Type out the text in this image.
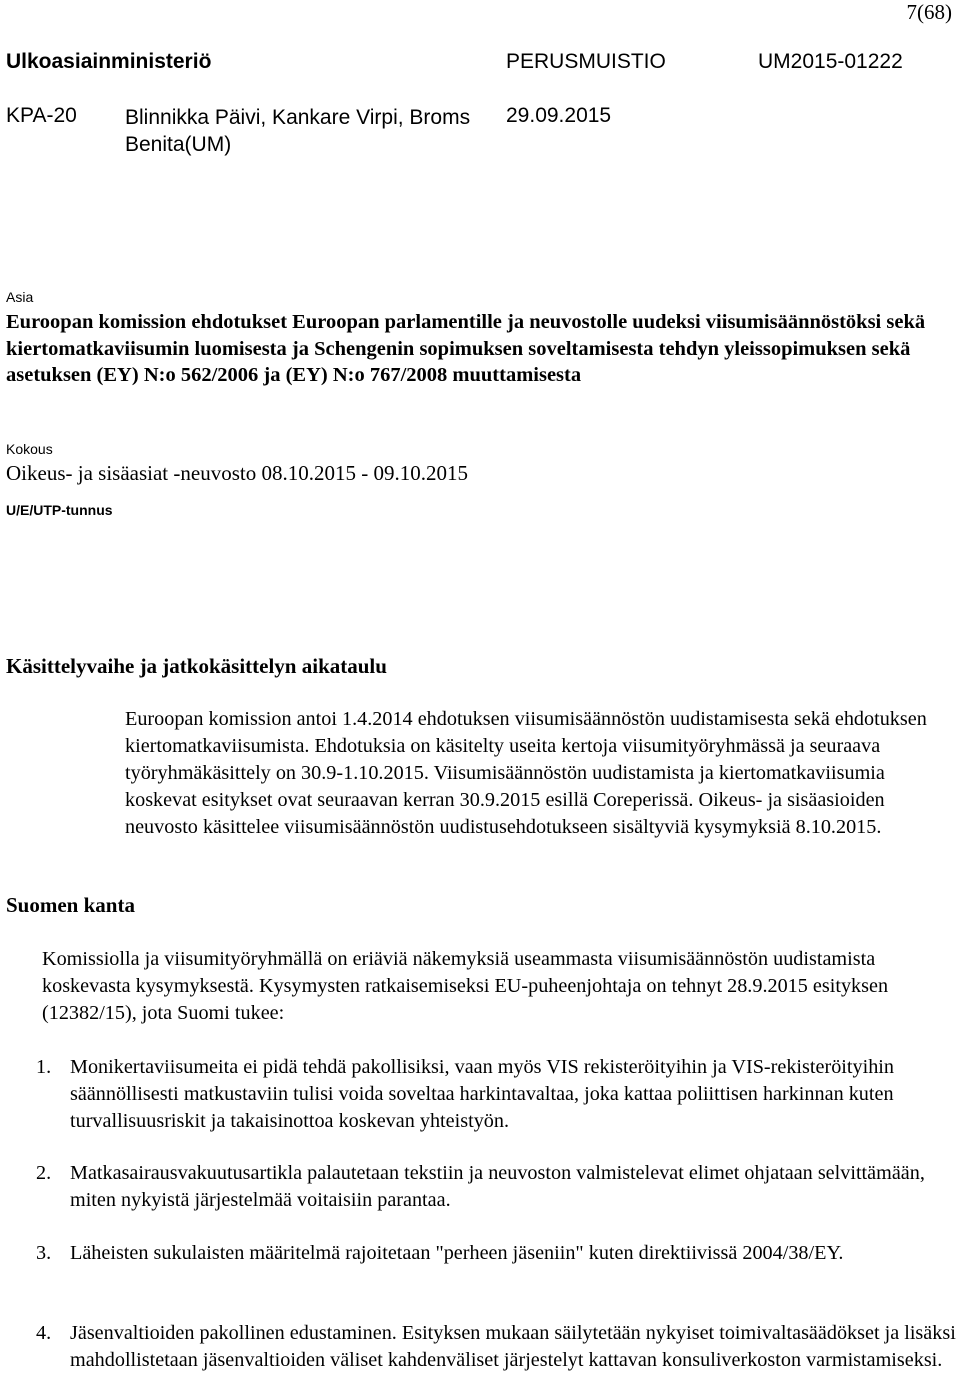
7(68)
Ulkoasiainministeriö	PERUSMUISTIO	UM2015-01222
KPA-20 Blinnikka Päivi, Kankare Virpi, Broms Benita(UM)
29.09.2015
Asia
Euroopan komission ehdotukset Euroopan parlamentille ja neuvostolle uudeksi viisumisäännöstöksi sekä kiertomatkaviisumin luomisesta ja Schengenin sopimuksen soveltamisesta tehdyn yleissopimuksen sekä asetuksen (EY) N:o 562/2006 ja (EY) N:o 767/2008 muuttamisesta
Kokous
Oikeus- ja sisäasiat -neuvosto 08.10.2015 - 09.10.2015
U/E/UTP-tunnus
Käsittelyvaihe ja jatkokäsittelyn aikataulu
Euroopan komission antoi 1.4.2014 ehdotuksen viisumisäännöstön uudistamisesta sekä ehdotuksen kiertomatkaviisumista. Ehdotuksia on käsitelty useita kertoja viisumityöryhmässä ja seuraava työryhmäkäsittely on 30.9-1.10.2015. Viisumisäännöstön uudistamista ja kiertomatkaviisumia koskevat esitykset ovat seuraavan kerran 30.9.2015 esillä Coreperissä. Oikeus- ja sisäasioiden neuvosto käsittelee viisumisäännöstön uudistusehdotukseen sisältyviä kysymyksiä 8.10.2015.
Suomen kanta
Komissiolla ja viisumityöryhmällä on eriäviä näkemyksiä useammasta viisumisäännöstön uudistamista koskevasta kysymyksestä. Kysymysten ratkaisemiseksi EU-puheenjohtaja on tehnyt 28.9.2015 esityksen (12382/15), jota Suomi tukee:
1. Monikertaviisumeita ei pidä tehdä pakollisiksi, vaan myös VIS rekisteröityihin ja VIS-rekisteröityihin säännöllisesti matkustaviin tulisi voida soveltaa harkintavaltaa, joka kattaa poliittisen harkinnan kuten turvallisuusriskit ja takaisinottoa koskevan yhteistyön.
2. Matkasairausvakuutusartikla palautetaan tekstiin ja neuvoston valmistelevat elimet ohjataan selvittämään, miten nykyistä järjestelmää voitaisiin parantaa.
3. Läheisten sukulaisten määritelmä rajoitetaan "perheen jäseniin" kuten direktiivissä 2004/38/EY.
4. Jäsenvaltioiden pakollinen edustaminen. Esityksen mukaan säilytetään nykyiset toimivaltasäädökset ja lisäksi mahdollistetaan jäsenvaltioiden väliset kahdenväliset järjestelyt kattavan konsuliverkoston varmistamiseksi.
